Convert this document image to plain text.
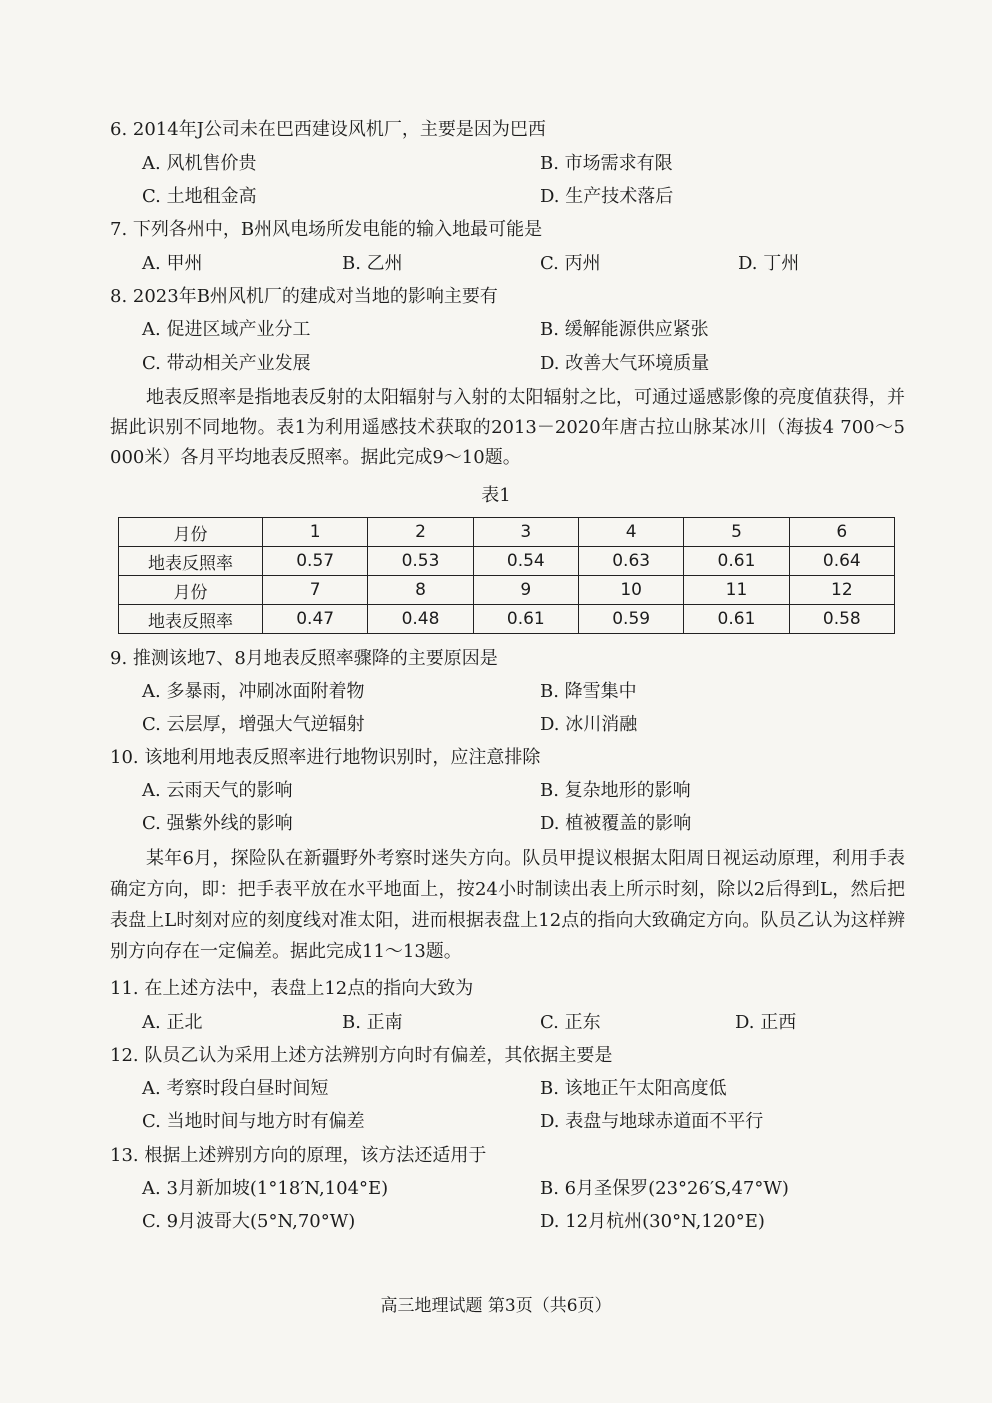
6. 2014年J公司未在巴西建设风机厂，主要是因为巴西
A. 风机售价贵	B. 市场需求有限
C. 土地租金高	D. 生产技术落后
7. 下列各州中，B州风电场所发电能的输入地最可能是
A. 甲州	B. 乙州	C. 丙州	D. 丁州
8. 2023年B州风机厂的建成对当地的影响主要有
A. 促进区域产业分工	B. 缓解能源供应紧张
C. 带动相关产业发展	D. 改善大气环境质量

地表反照率是指地表反射的太阳辐射与入射的太阳辐射之比，可通过遥感影像的亮度值获得，并据此识别不同地物。表1为利用遥感技术获取的2013－2020年唐古拉山脉某冰川（海拔4 700～5 000米）各月平均地表反照率。据此完成9～10题。

表1
月份	1	2	3	4	5	6
地表反照率	0.57	0.53	0.54	0.63	0.61	0.64
月份	7	8	9	10	11	12
地表反照率	0.47	0.48	0.61	0.59	0.61	0.58
9. 推测该地7、8月地表反照率骤降的主要原因是
A. 多暴雨，冲刷冰面附着物	B. 降雪集中
C. 云层厚，增强大气逆辐射	D. 冰川消融
10. 该地利用地表反照率进行地物识别时，应注意排除
A. 云雨天气的影响	B. 复杂地形的影响
C. 强紫外线的影响	D. 植被覆盖的影响

某年6月，探险队在新疆野外考察时迷失方向。队员甲提议根据太阳周日视运动原理，利用手表确定方向，即：把手表平放在水平地面上，按24小时制读出表上所示时刻，除以2后得到L，然后把表盘上L时刻对应的刻度线对准太阳，进而根据表盘上12点的指向大致确定方向。队员乙认为这样辨别方向存在一定偏差。据此完成11～13题。

11. 在上述方法中，表盘上12点的指向大致为
A. 正北	B. 正南	C. 正东	D. 正西
12. 队员乙认为采用上述方法辨别方向时有偏差，其依据主要是
A. 考察时段白昼时间短	B. 该地正午太阳高度低
C. 当地时间与地方时有偏差	D. 表盘与地球赤道面不平行
13. 根据上述辨别方向的原理，该方法还适用于
A. 3月新加坡(1°18′N,104°E)	B. 6月圣保罗(23°26′S,47°W)
C. 9月波哥大(5°N,70°W)	D. 12月杭州(30°N,120°E)
高三地理试题 第3页（共6页）
